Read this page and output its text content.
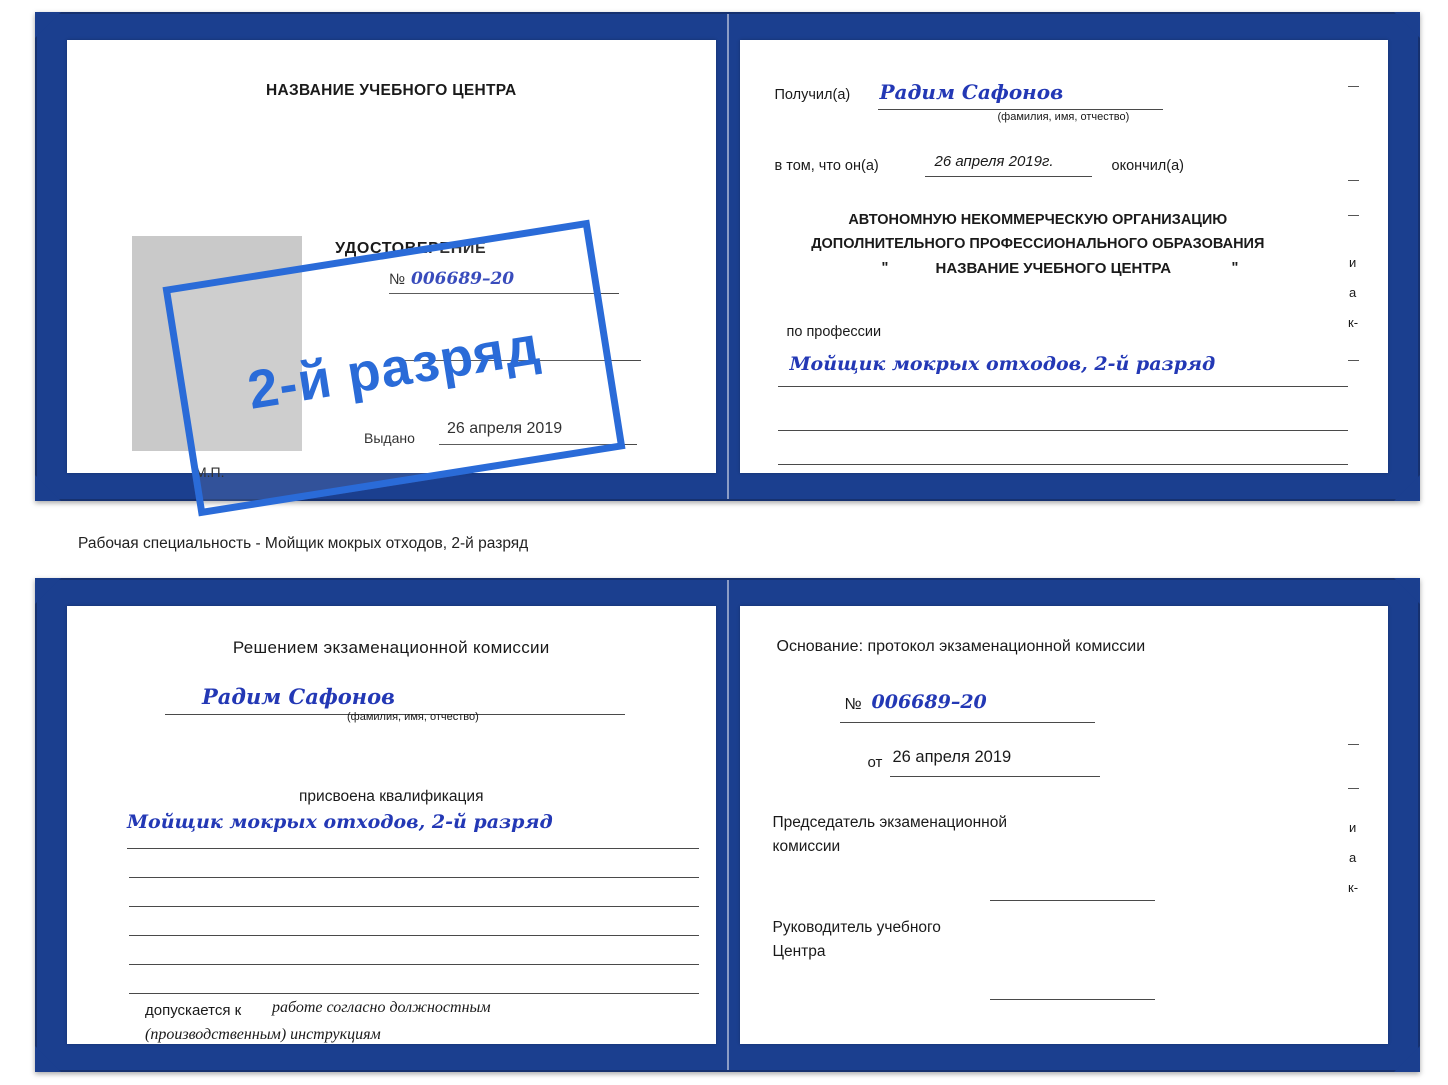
НАЗВАНИЕ УЧЕБНОГО ЦЕНТРА
УДОСТОВЕРЕНИЕ
№ 006689–20
Выдано
26 апреля 2019
М.П.
Получил(а) Радим Сафонов
(фамилия, имя, отчество)
в том, что он(а)	26 апреля 2019г.	окончил(а)
АВТОНОМНУЮ НЕКОММЕРЧЕСКУЮ ОРГАНИЗАЦИЮ
ДОПОЛНИТЕЛЬНОГО ПРОФЕССИОНАЛЬНОГО ОБРАЗОВАНИЯ
"	НАЗВАНИЕ УЧЕБНОГО ЦЕНТРА	"
по профессии
Мойщик мокрых отходов, 2-й разряд
и
а
к-
2-й разряд
Рабочая специальность - Мойщик мокрых отходов, 2-й разряд
Решением экзаменационной комиссии
Радим Сафонов
(фамилия, имя, отчество)
присвоена квалификация
Мойщик мокрых отходов, 2-й разряд
допускается к работе согласно должностным
(производственным) инструкциям
Основание: протокол экзаменационной комиссии
№ 006689–20
от 26 апреля 2019
Председатель экзаменационной
комиссии
Руководитель учебного
Центра
и
а
к-
